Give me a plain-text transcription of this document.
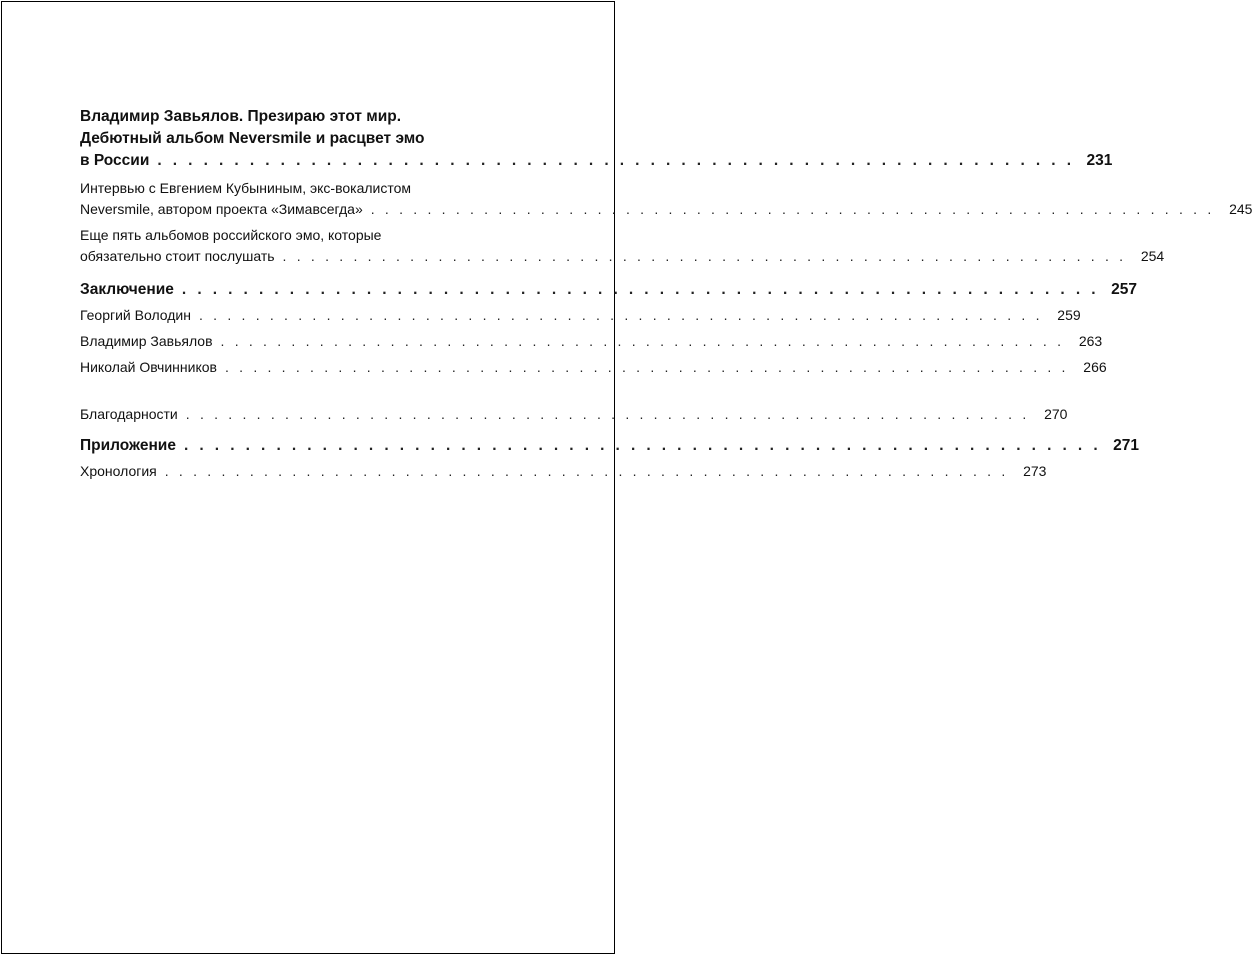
Владимир Завьялов. Презираю этот мир.
Дебютный альбом Neversmile и расцвет эмо
в России . . . . . . . . . . . . . . . . . . . . . . . . . . . . . . . . . . . . . . . . . . . . . . . . . . . . . . . . . . . . 231
Интервью с Евгением Кубыниным, экс-вокалистом
Neversmile, автором проекта «Зимавсегда» . . . . . . . . . . . . . . . . . . . . . . . . . . . . . . . . . . . . . . . . . . . . . . . . . . . . . . . . . . . .	245
Еще пять альбомов российского эмо, которые
обязательно стоит послушать . . . . . . . . . . . . . . . . . . . . . . . . . . . . . . . . . . . . . . . . . . . . . . . . . . . . . . . . . . . .	254
Заключение . . . . . . . . . . . . . . . . . . . . . . . . . . . . . . . . . . . . . . . . . . . . . . . . . . . . . . . . . . . . 257
Георгий Володин . . . . . . . . . . . . . . . . . . . . . . . . . . . . . . . . . . . . . . . . . . . . . . . . . . . . . . . . . . . .	259
Владимир Завьялов . . . . . . . . . . . . . . . . . . . . . . . . . . . . . . . . . . . . . . . . . . . . . . . . . . . . . . . . . . . .	263
Николай Овчинников . . . . . . . . . . . . . . . . . . . . . . . . . . . . . . . . . . . . . . . . . . . . . . . . . . . . . . . . . . . .	266
Благодарности . . . . . . . . . . . . . . . . . . . . . . . . . . . . . . . . . . . . . . . . . . . . . . . . . . . . . . . . . . . .	270
Приложение . . . . . . . . . . . . . . . . . . . . . . . . . . . . . . . . . . . . . . . . . . . . . . . . . . . . . . . . . . . . 271
Хронология . . . . . . . . . . . . . . . . . . . . . . . . . . . . . . . . . . . . . . . . . . . . . . . . . . . . . . . . . . . .	273
